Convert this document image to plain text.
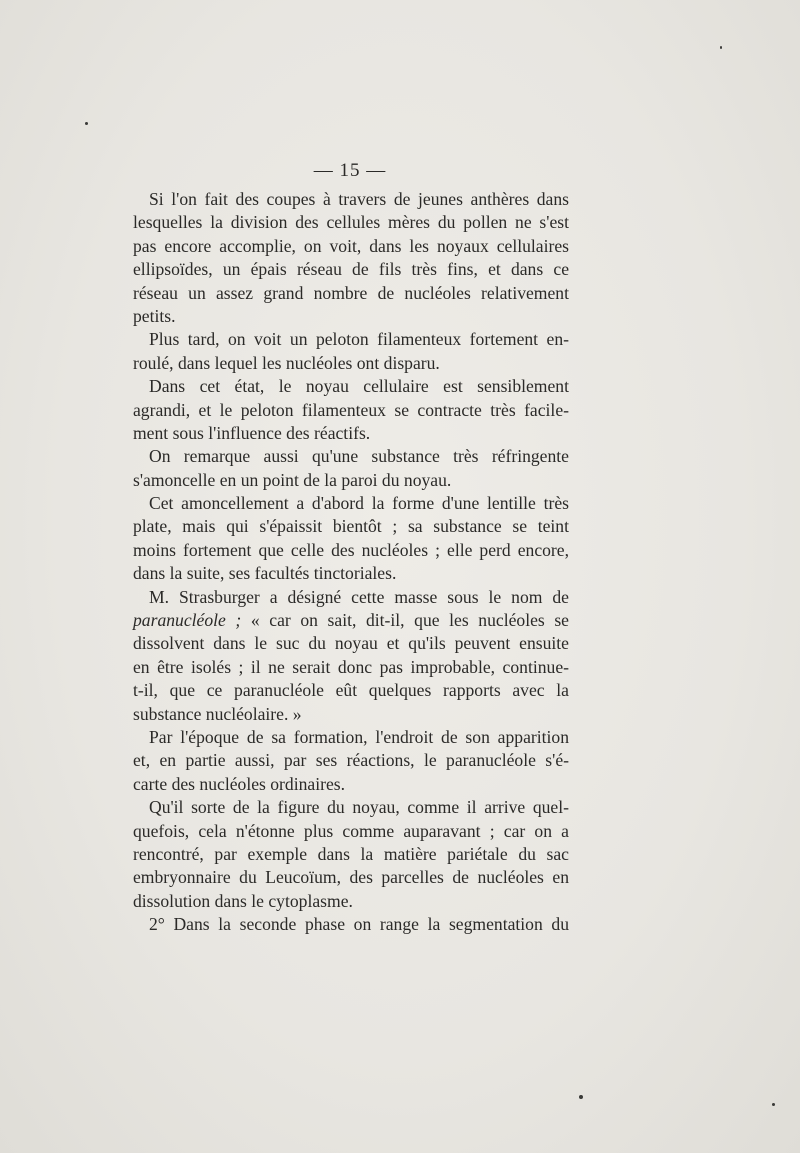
— 15 —
Si l'on fait des coupes à travers de jeunes anthères dans
lesquelles la division des cellules mères du pollen ne s'est
pas encore accomplie, on voit, dans les noyaux cellulaires
ellipsoïdes, un épais réseau de fils très fins, et dans ce
réseau un assez grand nombre de nucléoles relativement
petits.
Plus tard, on voit un peloton filamenteux fortement en-
roulé, dans lequel les nucléoles ont disparu.
Dans cet état, le noyau cellulaire est sensiblement
agrandi, et le peloton filamenteux se contracte très facile-
ment sous l'influence des réactifs.
On remarque aussi qu'une substance très réfringente
s'amoncelle en un point de la paroi du noyau.
Cet amoncellement a d'abord la forme d'une lentille très
plate, mais qui s'épaissit bientôt ; sa substance se teint
moins fortement que celle des nucléoles ; elle perd encore,
dans la suite, ses facultés tinctoriales.
M. Strasburger a désigné cette masse sous le nom de
paranucléole ; « car on sait, dit-il, que les nucléoles se
dissolvent dans le suc du noyau et qu'ils peuvent ensuite
en être isolés ; il ne serait donc pas improbable, continue-
t-il, que ce paranucléole eût quelques rapports avec la
substance nucléolaire. »
Par l'époque de sa formation, l'endroit de son apparition
et, en partie aussi, par ses réactions, le paranucléole s'é-
carte des nucléoles ordinaires.
Qu'il sorte de la figure du noyau, comme il arrive quel-
quefois, cela n'étonne plus comme auparavant ; car on a
rencontré, par exemple dans la matière pariétale du sac
embryonnaire du Leucoïum, des parcelles de nucléoles en
dissolution dans le cytoplasme.
2° Dans la seconde phase on range la segmentation du
